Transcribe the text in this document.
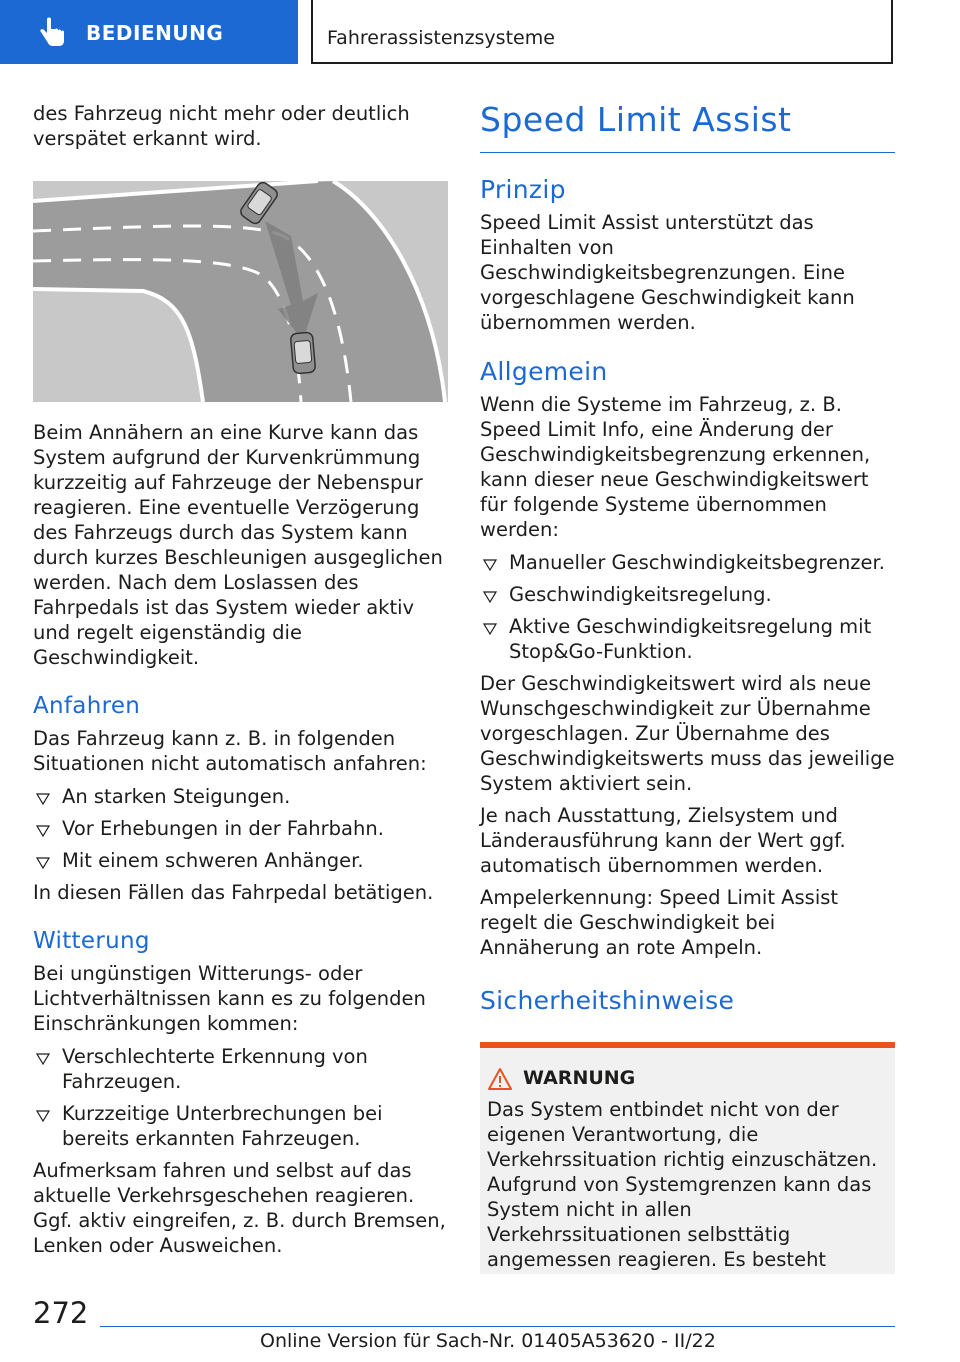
BEDIENUNG	Fahrerassistenzsysteme

des Fahrzeug nicht mehr oder deutlich verspätet erkannt wird.

Beim Annähern an eine Kurve kann das System aufgrund der Kurvenkrümmung kurzzeitig auf Fahrzeuge der Nebenspur reagieren. Eine eventuelle Verzögerung des Fahrzeugs durch das System kann durch kurzes Beschleunigen ausgeglichen werden. Nach dem Loslassen des Fahrpedals ist das System wieder aktiv und regelt eigenständig die Geschwindigkeit.

Anfahren

Das Fahrzeug kann z. B. in folgenden Situationen nicht automatisch anfahren:

An starken Steigungen.
Vor Erhebungen in der Fahrbahn.
Mit einem schweren Anhänger.

In diesen Fällen das Fahrpedal betätigen.

Witterung

Bei ungünstigen Witterungs- oder Lichtverhältnissen kann es zu folgenden Einschränkungen kommen:

Verschlechterte Erkennung von Fahrzeugen.
Kurzzeitige Unterbrechungen bei bereits erkannten Fahrzeugen.

Aufmerksam fahren und selbst auf das aktuelle Verkehrsgeschehen reagieren. Ggf. aktiv eingreifen, z. B. durch Bremsen, Lenken oder Ausweichen.

Speed Limit Assist
Prinzip

Speed Limit Assist unterstützt das Einhalten von Geschwindigkeitsbegrenzungen. Eine vorgeschlagene Geschwindigkeit kann übernommen werden.

Allgemein

Wenn die Systeme im Fahrzeug, z. B. Speed Limit Info, eine Änderung der Geschwindigkeitsbegrenzung erkennen, kann dieser neue Geschwindigkeitswert für folgende Systeme übernommen werden:

Manueller Geschwindigkeitsbegrenzer.
Geschwindigkeitsregelung.
Aktive Geschwindigkeitsregelung mit Stop&Go-Funktion.

Der Geschwindigkeitswert wird als neue Wunschgeschwindigkeit zur Übernahme vorgeschlagen. Zur Übernahme des Geschwindigkeitswerts muss das jeweilige System aktiviert sein.

Je nach Ausstattung, Zielsystem und Länderausführung kann der Wert ggf. automatisch übernommen werden.

Ampelerkennung: Speed Limit Assist regelt die Geschwindigkeit bei Annäherung an rote Ampeln.

Sicherheitshinweise
WARNUNG

Das System entbindet nicht von der eigenen Verantwortung, die Verkehrssituation richtig einzuschätzen. Aufgrund von Systemgrenzen kann das System nicht in allen Verkehrssituationen selbsttätig angemessen reagieren. Es besteht

272
Online Version für Sach-Nr. 01405A53620 - II/22
